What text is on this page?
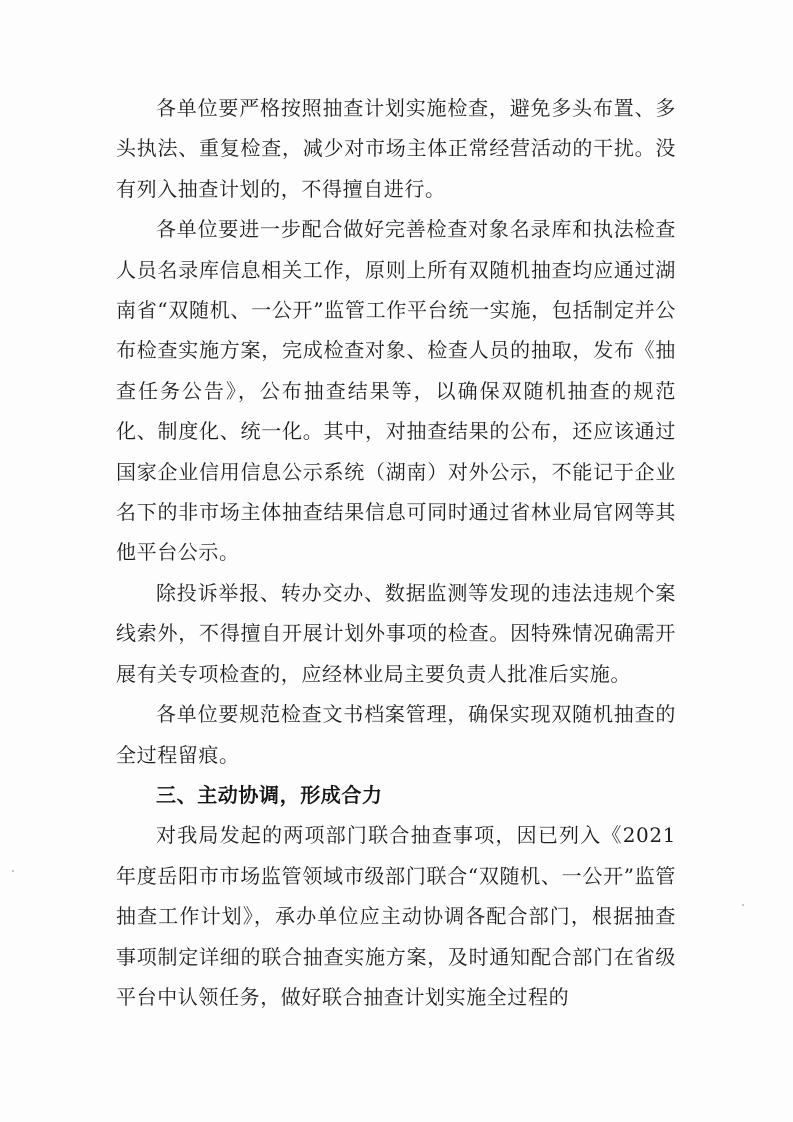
各单位要严格按照抽查计划实施检查，避免多头布置、多头执法、重复检查，减少对市场主体正常经营活动的干扰。没有列入抽查计划的，不得擅自进行。

各单位要进一步配合做好完善检查对象名录库和执法检查人员名录库信息相关工作，原则上所有双随机抽查均应通过湖南省“双随机、一公开”监管工作平台统一实施，包括制定并公布检查实施方案，完成检查对象、检查人员的抽取，发布《抽查任务公告》，公布抽查结果等，以确保双随机抽查的规范化、制度化、统一化。其中，对抽查结果的公布，还应该通过国家企业信用信息公示系统（湖南）对外公示，不能记于企业名下的非市场主体抽查结果信息可同时通过省林业局官网等其他平台公示。

除投诉举报、转办交办、数据监测等发现的违法违规个案线索外，不得擅自开展计划外事项的检查。因特殊情况确需开展有关专项检查的，应经林业局主要负责人批准后实施。

各单位要规范检查文书档案管理，确保实现双随机抽查的全过程留痕。

三、主动协调，形成合力

对我局发起的两项部门联合抽查事项，因已列入《2021年度岳阳市市场监管领域市级部门联合“双随机、一公开”监管抽查工作计划》，承办单位应主动协调各配合部门，根据抽查事项制定详细的联合抽查实施方案，及时通知配合部门在省级平台中认领任务，做好联合抽查计划实施全过程的
